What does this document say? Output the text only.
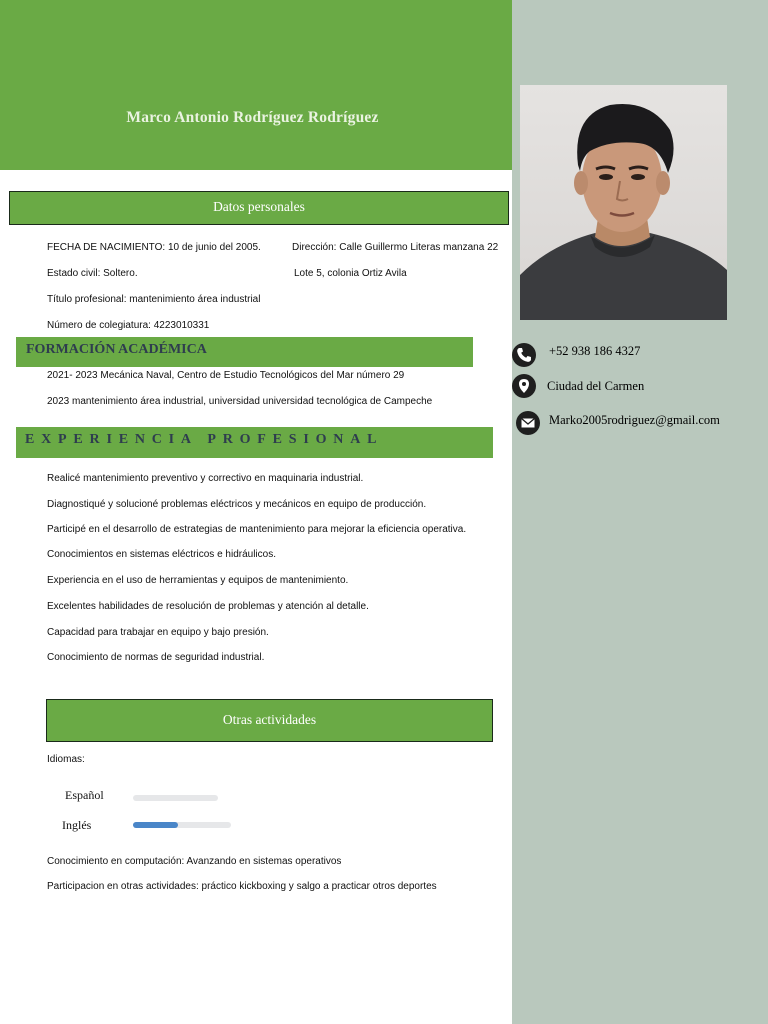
Marco Antonio Rodríguez Rodríguez
+52 938 186 4327
Ciudad del Carmen
Marko2005rodriguez@gmail.com
Datos personales
FECHA DE NACIMIENTO: 10 de junio del 2005.	Dirección: Calle Guillermo Literas manzana 22
Estado civil: Soltero.	Lote 5, colonia Ortiz Avila
Título profesional: mantenimiento área industrial
Número de colegiatura: 4223010331
FORMACIÓN ACADÉMICA
2021- 2023 Mecánica Naval, Centro de Estudio Tecnológicos del Mar número 29
2023 mantenimiento área industrial, universidad universidad tecnológica de Campeche
EXPERIENCIA PROFESIONAL
Realicé mantenimiento preventivo y correctivo en maquinaria industrial.
Diagnostiqué y solucioné problemas eléctricos y mecánicos en equipo de producción.
Participé en el desarrollo de estrategias de mantenimiento para mejorar la eficiencia operativa.
Conocimientos en sistemas eléctricos e hidráulicos.
Experiencia en el uso de herramientas y equipos de mantenimiento.
Excelentes habilidades de resolución de problemas y atención al detalle.
Capacidad para trabajar en equipo y bajo presión.
Conocimiento de normas de seguridad industrial.
Otras actividades
Idiomas:
Español
Inglés
Conocimiento en computación: Avanzando en sistemas operativos
Participacion en otras actividades: práctico kickboxing y salgo a practicar otros deportes
